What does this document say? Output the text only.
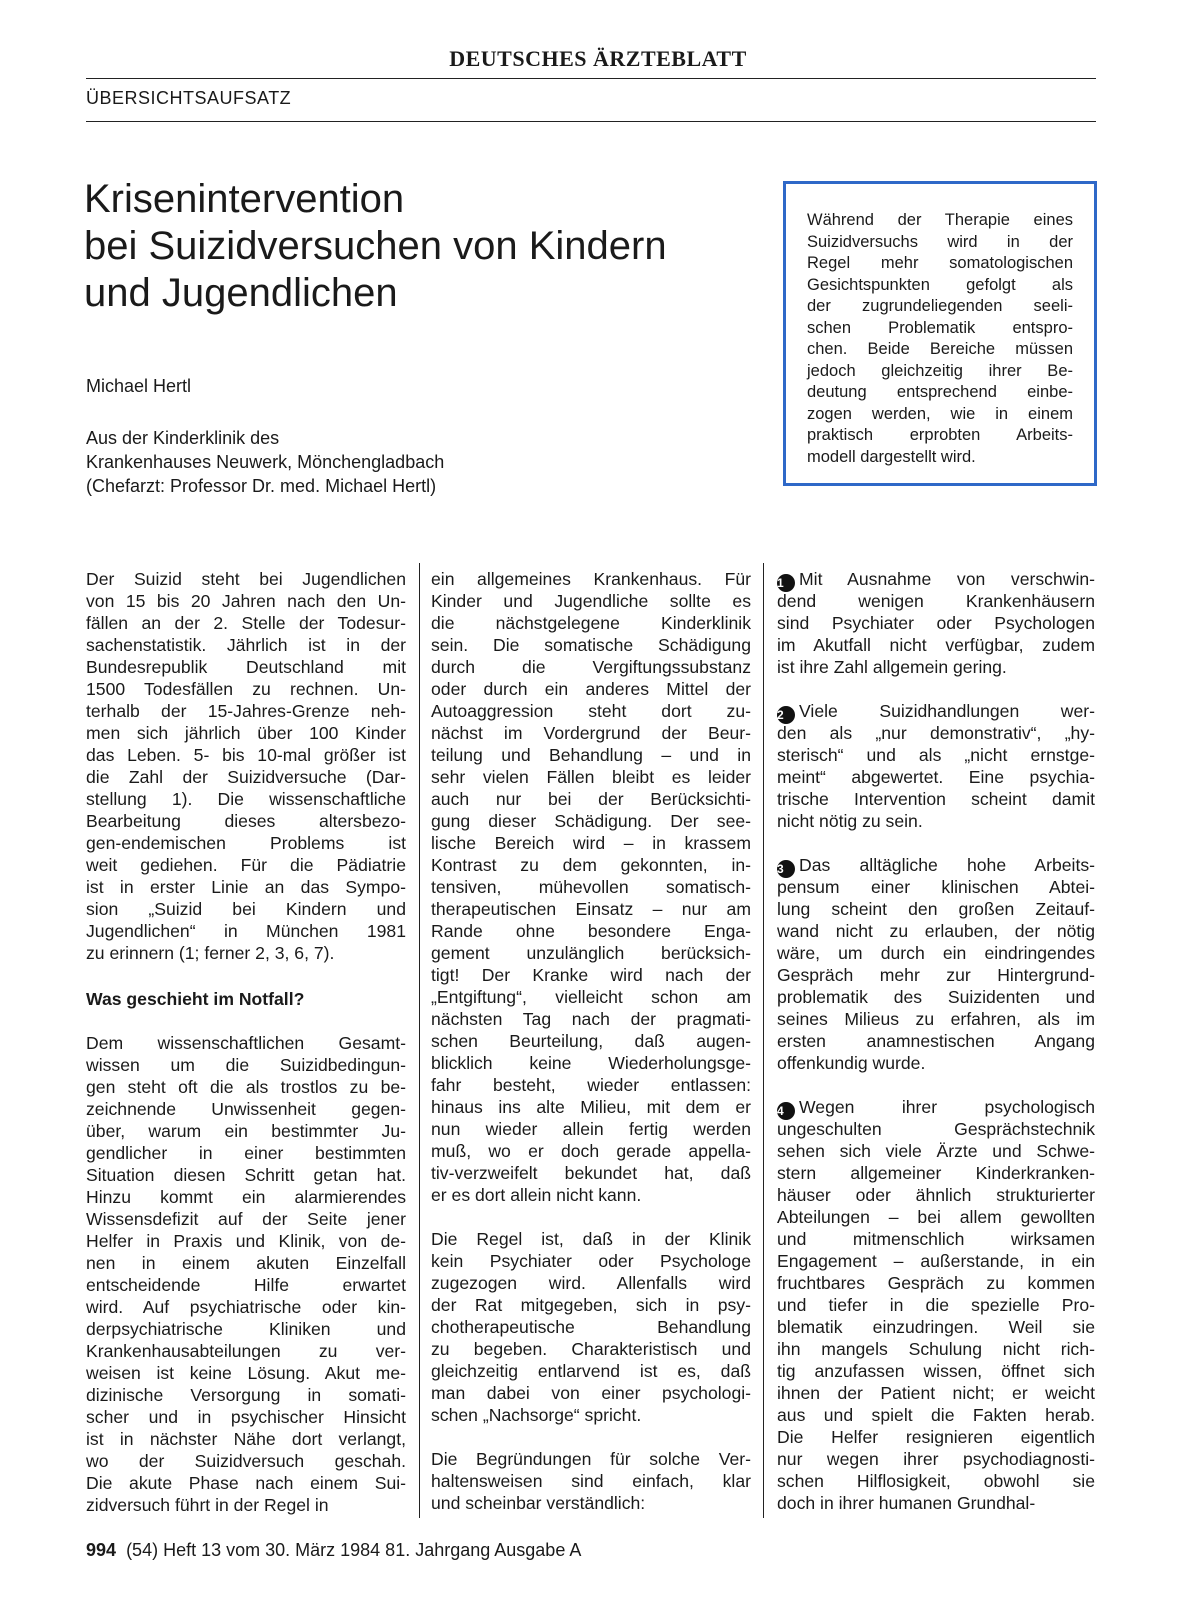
DEUTSCHES ÄRZTEBLATT
ÜBERSICHTSAUFSATZ
Krisenintervention
bei Suizidversuchen von Kindern
und Jugendlichen
Michael Hertl
Aus der Kinderklinik des
Krankenhauses Neuwerk, Mönchengladbach
(Chefarzt: Professor Dr. med. Michael Hertl)
Während der Therapie eines
Suizidversuchs wird in der
Regel mehr somatologischen
Gesichtspunkten gefolgt als
der zugrundeliegenden seeli-
schen Problematik entspro-
chen. Beide Bereiche müssen
jedoch gleichzeitig ihrer Be-
deutung entsprechend einbe-
zogen werden, wie in einem
praktisch erprobten Arbeits-
modell dargestellt wird.
Der Suizid steht bei Jugendlichen
von 15 bis 20 Jahren nach den Un-
fällen an der 2. Stelle der Todesur-
sachenstatistik. Jährlich ist in der
Bundesrepublik Deutschland mit
1500 Todesfällen zu rechnen. Un-
terhalb der 15-Jahres-Grenze neh-
men sich jährlich über 100 Kinder
das Leben. 5- bis 10-mal größer ist
die Zahl der Suizidversuche (Dar-
stellung 1). Die wissenschaftliche
Bearbeitung dieses altersbezo-
gen-endemischen Problems ist
weit gediehen. Für die Pädiatrie
ist in erster Linie an das Sympo-
sion „Suizid bei Kindern und
Jugendlichen“ in München 1981
zu erinnern (1; ferner 2, 3, 6, 7).
Was geschieht im Notfall?
Dem wissenschaftlichen Gesamt-
wissen um die Suizidbedingun-
gen steht oft die als trostlos zu be-
zeichnende Unwissenheit gegen-
über, warum ein bestimmter Ju-
gendlicher in einer bestimmten
Situation diesen Schritt getan hat.
Hinzu kommt ein alarmierendes
Wissensdefizit auf der Seite jener
Helfer in Praxis und Klinik, von de-
nen in einem akuten Einzelfall
entscheidende Hilfe erwartet
wird. Auf psychiatrische oder kin-
derpsychiatrische Kliniken und
Krankenhausabteilungen zu ver-
weisen ist keine Lösung. Akut me-
dizinische Versorgung in somati-
scher und in psychischer Hinsicht
ist in nächster Nähe dort verlangt,
wo der Suizidversuch geschah.
Die akute Phase nach einem Sui-
zidversuch führt in der Regel in
ein allgemeines Krankenhaus. Für
Kinder und Jugendliche sollte es
die nächstgelegene Kinderklinik
sein. Die somatische Schädigung
durch die Vergiftungssubstanz
oder durch ein anderes Mittel der
Autoaggression steht dort zu-
nächst im Vordergrund der Beur-
teilung und Behandlung – und in
sehr vielen Fällen bleibt es leider
auch nur bei der Berücksichti-
gung dieser Schädigung. Der see-
lische Bereich wird – in krassem
Kontrast zu dem gekonnten, in-
tensiven, mühevollen somatisch-
therapeutischen Einsatz – nur am
Rande ohne besondere Enga-
gement unzulänglich berücksich-
tigt! Der Kranke wird nach der
„Entgiftung“, vielleicht schon am
nächsten Tag nach der pragmati-
schen Beurteilung, daß augen-
blicklich keine Wiederholungsge-
fahr besteht, wieder entlassen:
hinaus ins alte Milieu, mit dem er
nun wieder allein fertig werden
muß, wo er doch gerade appella-
tiv-verzweifelt bekundet hat, daß
er es dort allein nicht kann.
Die Regel ist, daß in der Klinik
kein Psychiater oder Psychologe
zugezogen wird. Allenfalls wird
der Rat mitgegeben, sich in psy-
chotherapeutische Behandlung
zu begeben. Charakteristisch und
gleichzeitig entlarvend ist es, daß
man dabei von einer psychologi-
schen „Nachsorge“ spricht.
Die Begründungen für solche Ver-
haltensweisen sind einfach, klar
und scheinbar verständlich:
1 Mit Ausnahme von verschwin-
dend wenigen Krankenhäusern
sind Psychiater oder Psychologen
im Akutfall nicht verfügbar, zudem
ist ihre Zahl allgemein gering.
2 Viele Suizidhandlungen wer-
den als „nur demonstrativ“, „hy-
sterisch“ und als „nicht ernstge-
meint“ abgewertet. Eine psychia-
trische Intervention scheint damit
nicht nötig zu sein.
3 Das alltägliche hohe Arbeits-
pensum einer klinischen Abtei-
lung scheint den großen Zeitauf-
wand nicht zu erlauben, der nötig
wäre, um durch ein eindringendes
Gespräch mehr zur Hintergrund-
problematik des Suizidenten und
seines Milieus zu erfahren, als im
ersten anamnestischen Angang
offenkundig wurde.
4 Wegen ihrer psychologisch
ungeschulten Gesprächstechnik
sehen sich viele Ärzte und Schwe-
stern allgemeiner Kinderkranken-
häuser oder ähnlich strukturierter
Abteilungen – bei allem gewollten
und mitmenschlich wirksamen
Engagement – außerstande, in ein
fruchtbares Gespräch zu kommen
und tiefer in die spezielle Pro-
blematik einzudringen. Weil sie
ihn mangels Schulung nicht rich-
tig anzufassen wissen, öffnet sich
ihnen der Patient nicht; er weicht
aus und spielt die Fakten herab.
Die Helfer resignieren eigentlich
nur wegen ihrer psychodiagnosti-
schen Hilflosigkeit, obwohl sie
doch in ihrer humanen Grundhal-
994 (54) Heft 13 vom 30. März 1984 81. Jahrgang Ausgabe A
